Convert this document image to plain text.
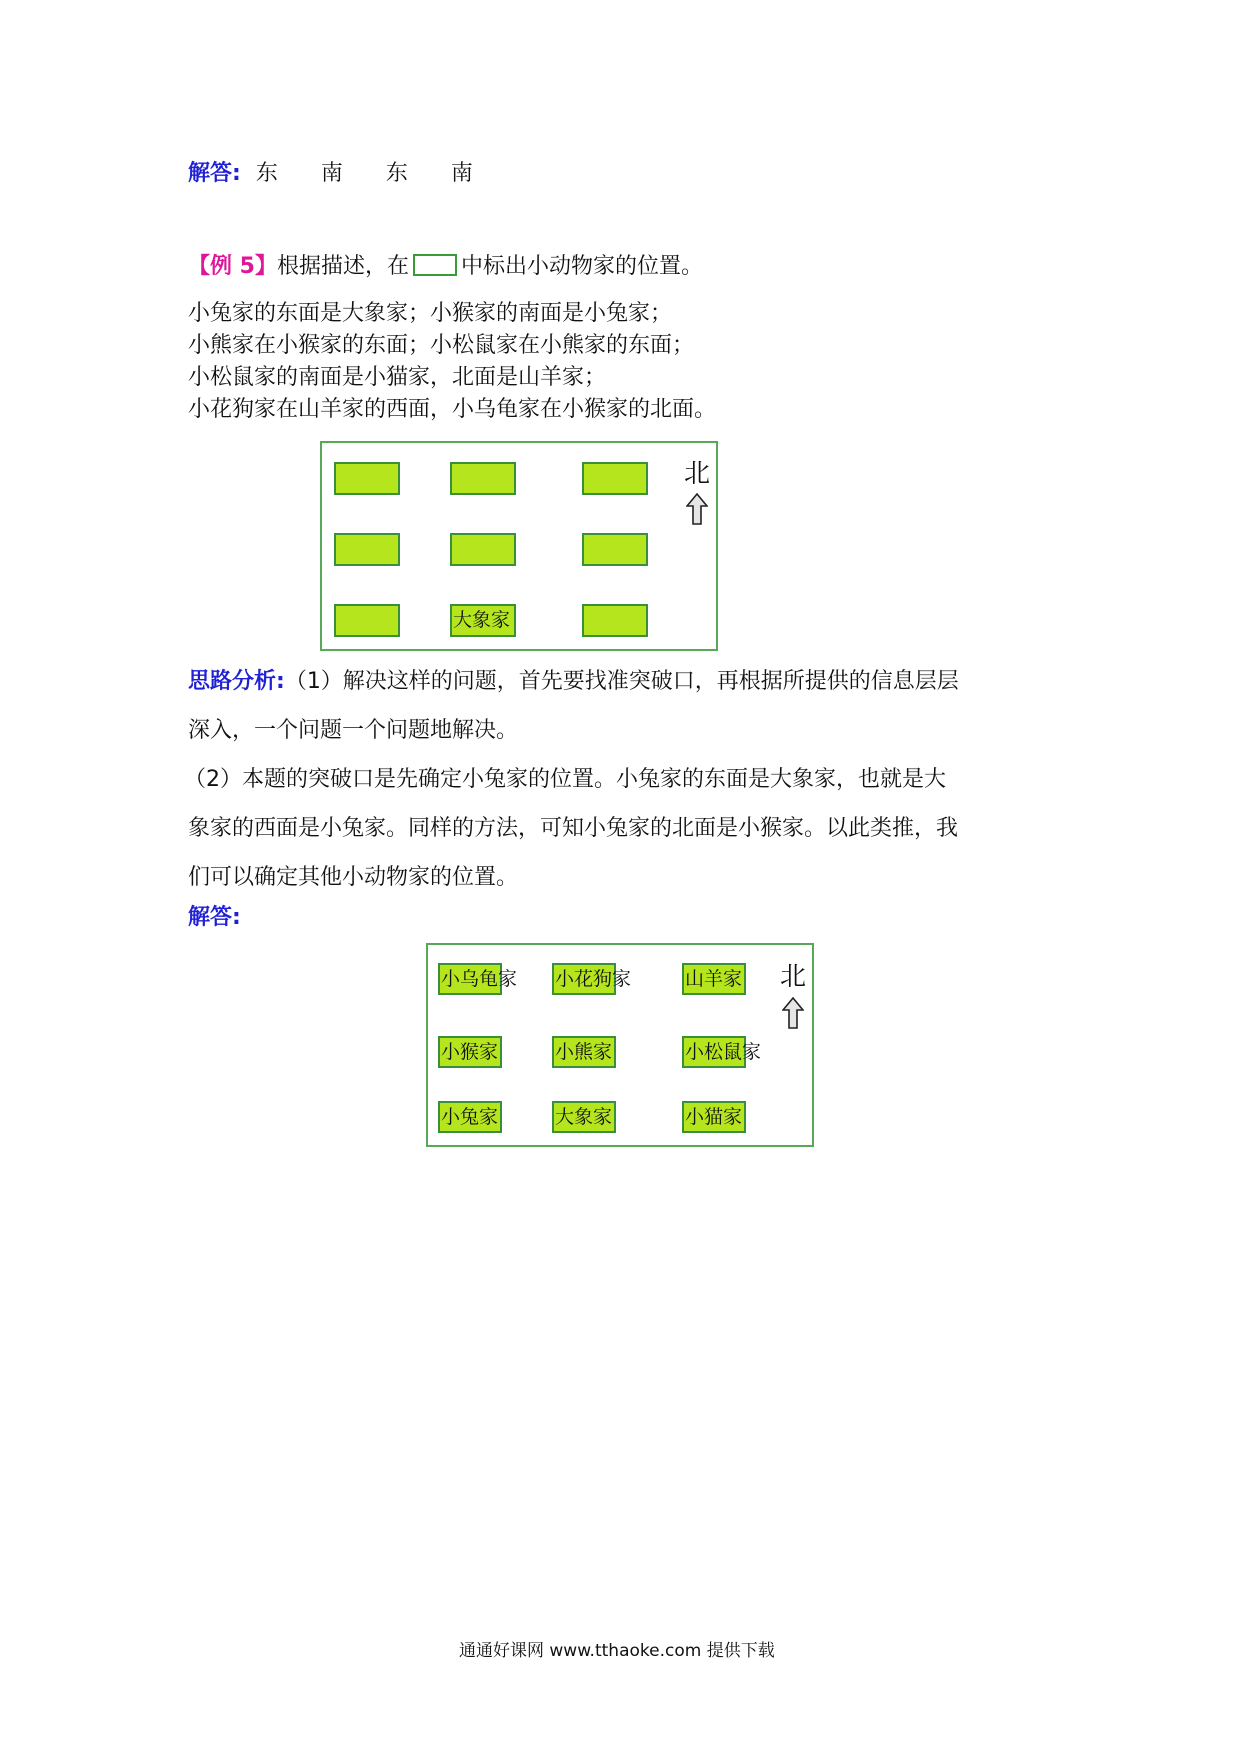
解答: 东 南 东 南
【例 5】根据描述，在 中标出小动物家的位置。
小兔家的东面是大象家；小猴家的南面是小兔家；
小熊家在小猴家的东面；小松鼠家在小熊家的东面；
小松鼠家的南面是小猫家，北面是山羊家；
小花狗家在山羊家的西面，小乌龟家在小猴家的北面。
大象家
北
思路分析:（1）解决这样的问题，首先要找准突破口，再根据所提供的信息层层
深入，一个问题一个问题地解决。
（2）本题的突破口是先确定小兔家的位置。小兔家的东面是大象家，也就是大
象家的西面是小兔家。同样的方法，可知小兔家的北面是小猴家。以此类推，我
们可以确定其他小动物家的位置。
解答:
小乌龟家 小花狗家	山羊家
小猴家	小熊家	小松鼠家
小兔家	大象家	小猫家
北
通通好课网 www.tthaoke.com 提供下载
